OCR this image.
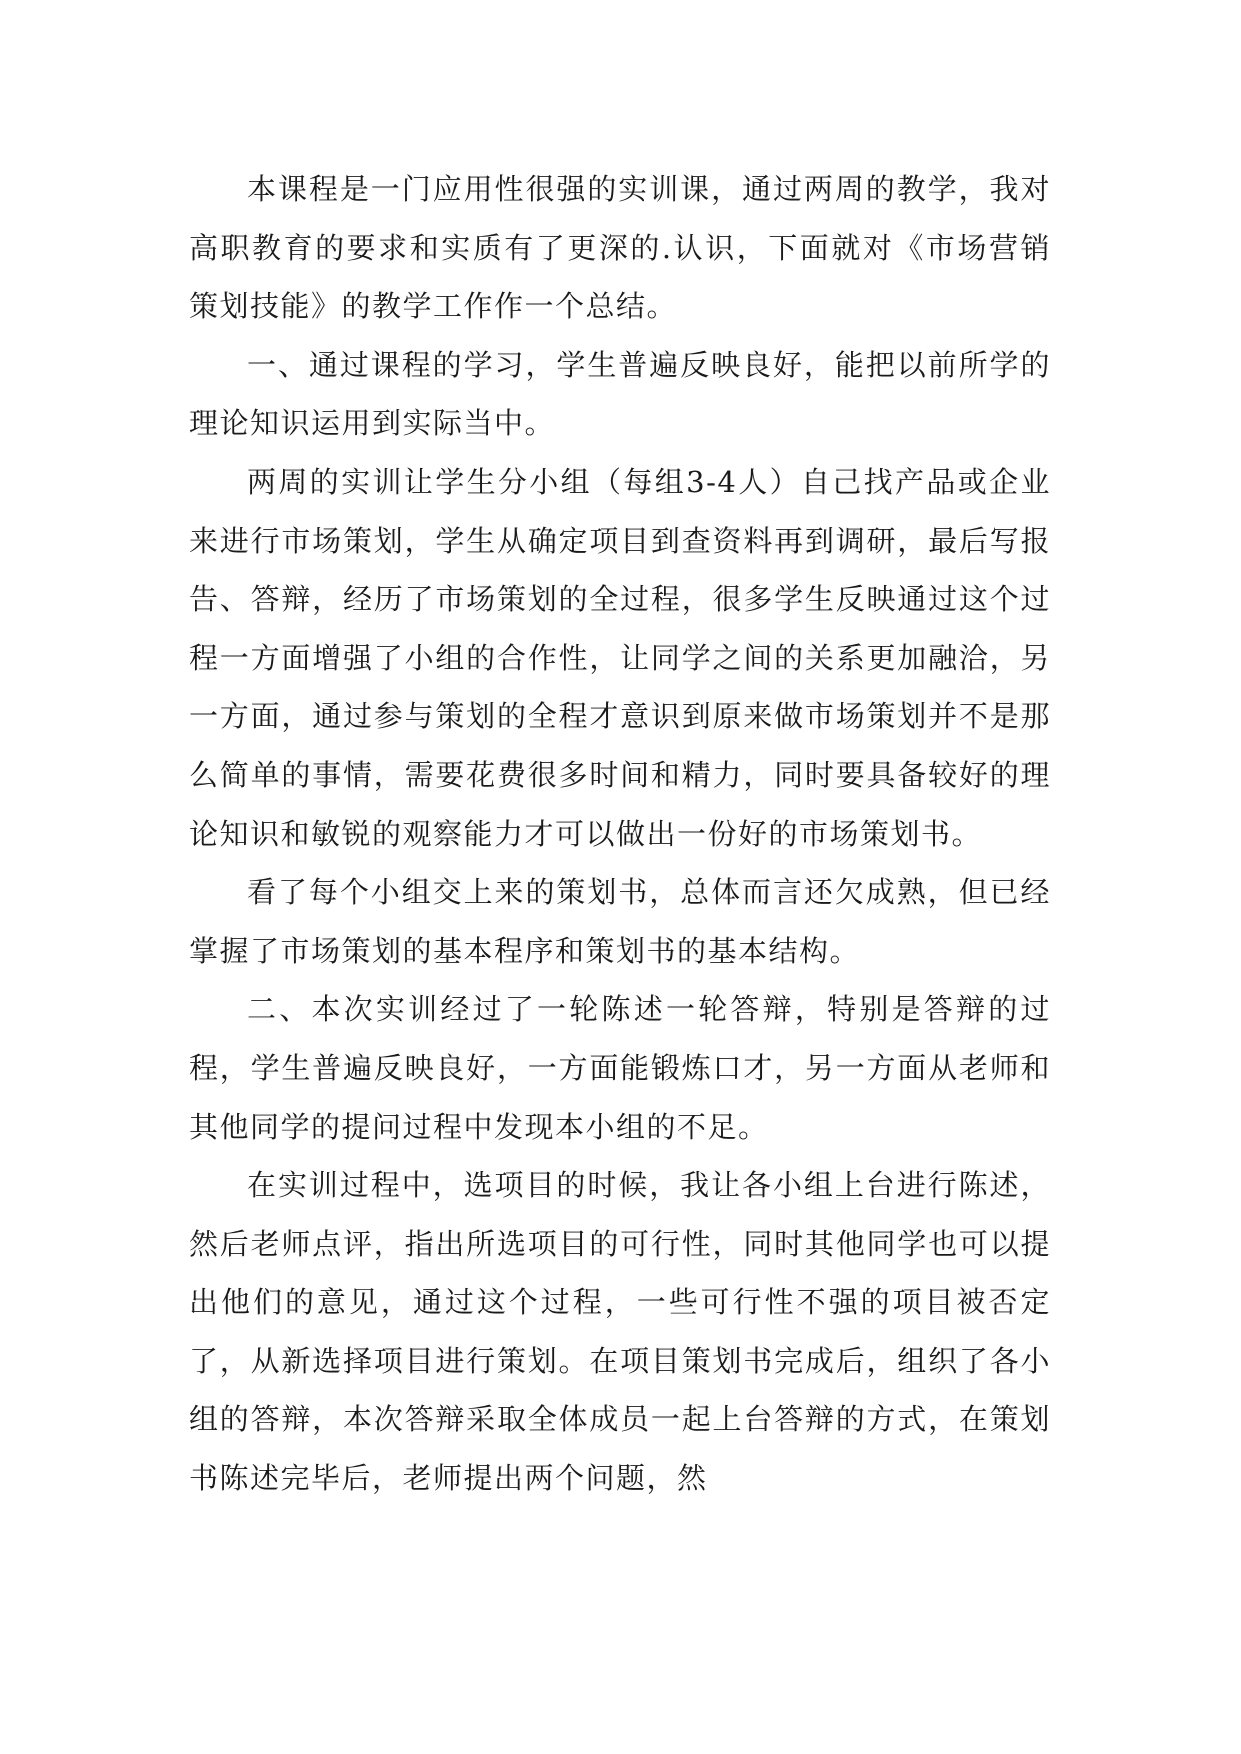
本课程是一门应用性很强的实训课，通过两周的教学，我对高职教育的要求和实质有了更深的.认识，下面就对《市场营销策划技能》的教学工作作一个总结。

一、通过课程的学习，学生普遍反映良好，能把以前所学的理论知识运用到实际当中。

两周的实训让学生分小组（每组3-4人）自己找产品或企业来进行市场策划，学生从确定项目到查资料再到调研，最后写报告、答辩，经历了市场策划的全过程，很多学生反映通过这个过程一方面增强了小组的合作性，让同学之间的关系更加融洽，另一方面，通过参与策划的全程才意识到原来做市场策划并不是那么简单的事情，需要花费很多时间和精力，同时要具备较好的理论知识和敏锐的观察能力才可以做出一份好的市场策划书。

看了每个小组交上来的策划书，总体而言还欠成熟，但已经掌握了市场策划的基本程序和策划书的基本结构。

二、本次实训经过了一轮陈述一轮答辩，特别是答辩的过程，学生普遍反映良好，一方面能锻炼口才，另一方面从老师和其他同学的提问过程中发现本小组的不足。

在实训过程中，选项目的时候，我让各小组上台进行陈述，然后老师点评，指出所选项目的可行性，同时其他同学也可以提出他们的意见，通过这个过程，一些可行性不强的项目被否定了，从新选择项目进行策划。在项目策划书完成后，组织了各小组的答辩，本次答辩采取全体成员一起上台答辩的方式，在策划书陈述完毕后，老师提出两个问题，然
